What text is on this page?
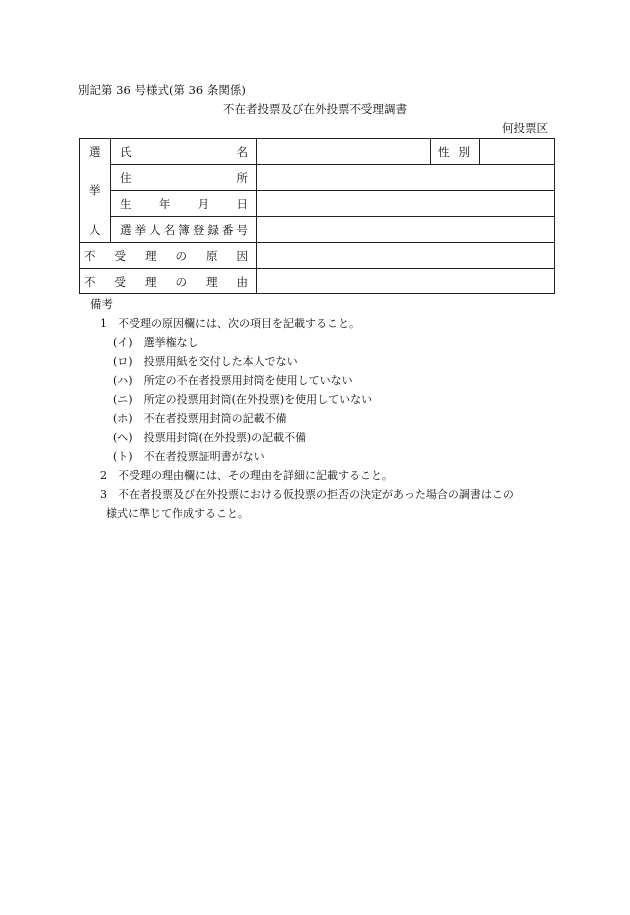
別記第 36 号様式(第 36 条関係)
不在者投票及び在外投票不受理調書
何投票区
選
挙
人
氏	名	性 別
住	所
生 年 月 日
選 挙 人 名 簿 登 録 番 号
不 受 理 の 原 因
不 受 理 の 理 由
備考
1　不受理の原因欄には、次の項目を記載すること。
(イ)　選挙権なし
(ロ)　投票用紙を交付した本人でない
(ハ)　所定の不在者投票用封筒を使用していない
(ニ)　所定の投票用封筒(在外投票)を使用していない
(ホ)　不在者投票用封筒の記載不備
(ヘ)　投票用封筒(在外投票)の記載不備
(ト)　不在者投票証明書がない
2　不受理の理由欄には、その理由を詳細に記載すること。
3　不在者投票及び在外投票における仮投票の拒否の決定があった場合の調書はこの
様式に準じて作成すること。
